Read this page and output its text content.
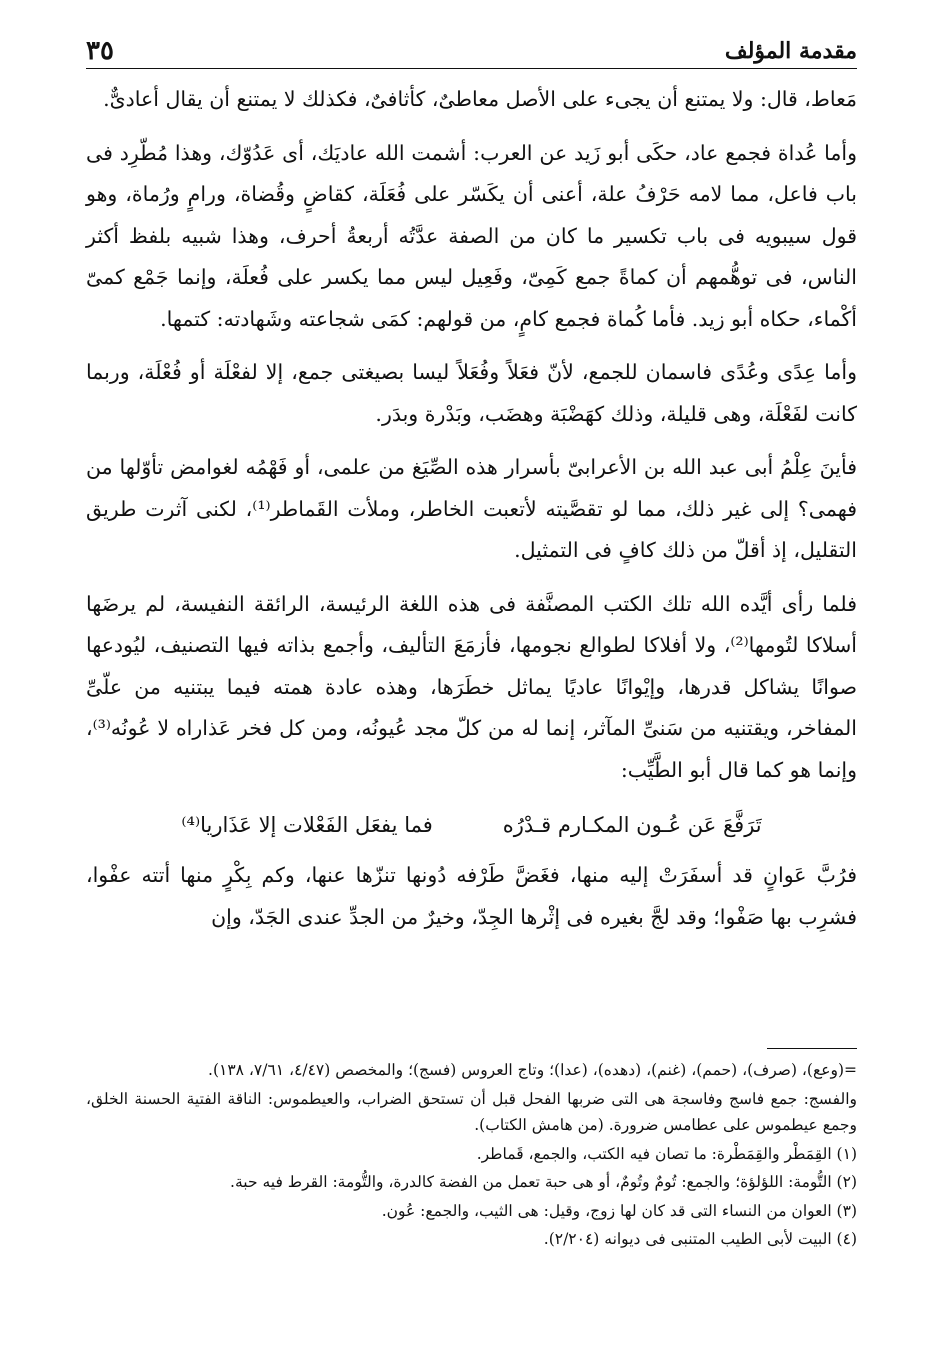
مقدمة المؤلف
٣٥

مَعاط، قال: ولا يمتنع أن يجىء على الأصل معاطىٌ، كأثافىٌ، فكذلك لا يمتنع أن يقال أعادىٌّ.

وأما عُداة فجمع عاد، حكَى أبو زَيد عن العرب: أشمت الله عاديَك، أى عَدُوّك، وهذا مُطّرِد فى باب فاعل، مما لامه حَرْفُ علة، أعنى أن يكَسّر على فُعَلَة، كقاضٍ وقُضاة، ورامٍ ورُماة، وهو قول سيبويه فى باب تكسير ما كان من الصفة عدَّتُه أربعةُ أحرف، وهذا شبيه بلفظ أكثر الناس، فى توهُّمهم أن كماةً جمع كَمِىّ، وفَعِيل ليس مما يكسر على فُعلَة، وإنما جَمْع كمىّ أكْماء، حكاه أبو زيد. فأما كُماة فجمع كامٍ، من قولهم: كمَى شجاعته وشَهادته: كتمها.

وأما عِدًى وعُدًى فاسمان للجمع، لأنّ فعَلاً وفُعَلاً ليسا بصيغتى جمع، إلا لفعْلَة أو فُعْلَة، وربما كانت لفَعْلَة، وهى قليلة، وذلك كهَضْبَة وهضَب، وبَدْرة وبدَر.

فأينَ عِلْمُ أبى عبد الله بن الأعرابىّ بأسرار هذه الصِّيَغ من علمى، أو فَهْمُه لغوامض تأوّلها من فهمى؟ إلى غير ذلك، مما لو تقصَّيته لأتعبت الخاطر، وملأت القَماطر⁽¹⁾، لكنى آثرت طريق التقليل، إذ أقلّ من ذلك كافٍ فى التمثيل.

فلما رأى أيَّده الله تلك الكتب المصنَّفة فى هذه اللغة الرئيسة، الرائقة النفيسة، لم يرضَها أسلاكا لتُومها⁽²⁾، ولا أفلاكا لطوالع نجومها، فأزمَعَ التأليف، وأجمع بذاته فيها التصنيف، ليُودعها صوانًا يشاكل قدرها، وإيْوانًا عاديًا يماثل خطَرَها، وهذه عادة همته فيما يبتنيه من علّىِّ المفاخر، ويقتنيه من سَنىِّ المآثر، إنما له من كلّ مجد عُيونُه، ومن كل فخر عَذاراه لا عُونُه⁽³⁾، وإنما هو كما قال أبو الطَّيِّب:

تَرَفَّعَ عَن عُـون المكـارم قـدْرُه
فما يفعَل الفَعْلات إلا عَذَاريا⁽⁴⁾

فرُبَّ عَوانٍ قد أسفَرَتْ إليه منها، فغَضَّ طَرْفه دُونها تنزّها عنها، وكم بِكْرٍ منها أتته عفْوا، فشرِب بها صَفْوا؛ وقد لجَّ بغيره فى إثْرها الجِدّ، وخيرٌ من الجدِّ عندى الجَدّ، وإن

=(وعع)، (صرف)، (حمم)، (غنم)، (دهده)، (عدا)؛ وتاج العروس (فسج)؛ والمخصص (٤/٤٧، ٧/٦١، ١٣٨).

والفسج: جمع فاسج وفاسجة هى التى ضربها الفحل قبل أن تستحق الضراب، والعيطموس: الناقة الفتية الحسنة الخلق، وجمع عيطموس على عطامس ضرورة. (من هامش الكتاب).

(١) القِمَطْر والقِمَطْرة: ما تصان فيه الكتب، والجمع، قَماطر.

(٢) التُّومة: اللؤلؤة؛ والجمع: تُومٌ وتُومٌ، أو هى حبة تعمل من الفضة كالدرة، والتُّومة: القرط فيه حبة.

(٣) العوان من النساء التى قد كان لها زوج، وقيل: هى الثيب، والجمع: عُون.

(٤) البيت لأبى الطيب المتنبى فى ديوانه (٢/٢٠٤).
